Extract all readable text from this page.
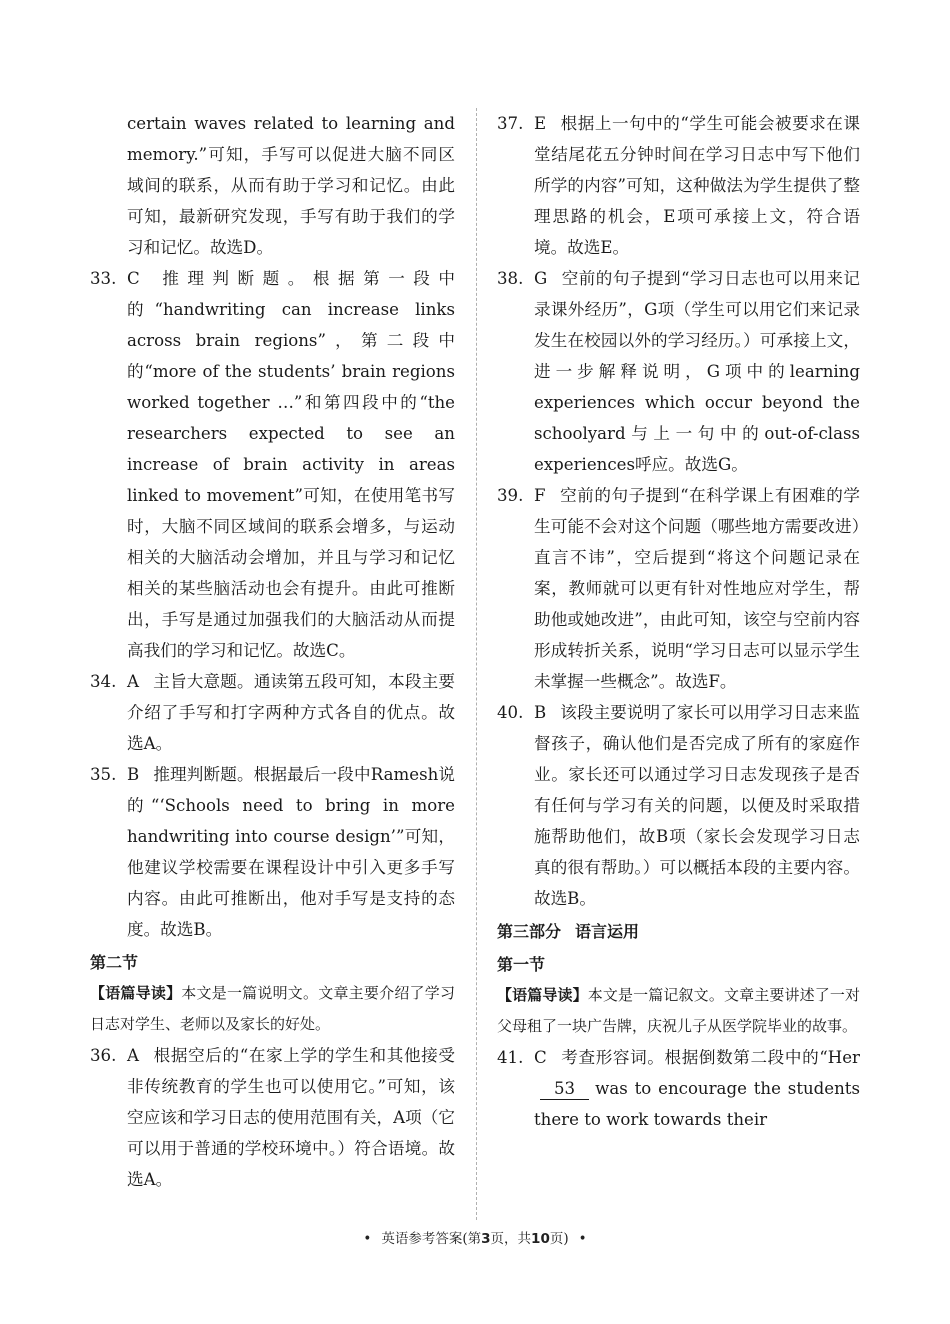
certain waves related to learning and memory.”可知，手写可以促进大脑不同区域间的联系，从而有助于学习和记忆。由此可知，最新研究发现，手写有助于我们的学习和记忆。故选D。
33. C 推理判断题。根据第一段中的“handwriting can increase links across brain regions”，第二段中的“more of the students’ brain regions worked together …”和第四段中的“the researchers expected to see an increase of brain activity in areas linked to movement”可知，在使用笔书写时，大脑不同区域间的联系会增多，与运动相关的大脑活动会增加，并且与学习和记忆相关的某些脑活动也会有提升。由此可推断出，手写是通过加强我们的大脑活动从而提高我们的学习和记忆。故选C。
34. A 主旨大意题。通读第五段可知，本段主要介绍了手写和打字两种方式各自的优点。故选A。
35. B 推理判断题。根据最后一段中Ramesh说的“‘Schools need to bring in more handwriting into course design’”可知，他建议学校需要在课程设计中引入更多手写内容。由此可推断出，他对手写是支持的态度。故选B。
第二节
【语篇导读】本文是一篇说明文。文章主要介绍了学习日志对学生、老师以及家长的好处。
36. A 根据空后的“在家上学的学生和其他接受非传统教育的学生也可以使用它。”可知，该空应该和学习日志的使用范围有关，A项（它可以用于普通的学校环境中。）符合语境。故选A。
37. E 根据上一句中的“学生可能会被要求在课堂结尾花五分钟时间在学习日志中写下他们所学的内容”可知，这种做法为学生提供了整理思路的机会，E项可承接上文，符合语境。故选E。
38. G 空前的句子提到“学习日志也可以用来记录课外经历”，G项（学生可以用它们来记录发生在校园以外的学习经历。）可承接上文，进一步解释说明，G项中的learning experiences which occur beyond the schoolyard与上一句中的out-of-class experiences呼应。故选G。
39. F 空前的句子提到“在科学课上有困难的学生可能不会对这个问题（哪些地方需要改进）直言不讳”，空后提到“将这个问题记录在案，教师就可以更有针对性地应对学生，帮助他或她改进”，由此可知，该空与空前内容形成转折关系，说明“学习日志可以显示学生未掌握一些概念”。故选F。
40. B 该段主要说明了家长可以用学习日志来监督孩子，确认他们是否完成了所有的家庭作业。家长还可以通过学习日志发现孩子是否有任何与学习有关的问题，以便及时采取措施帮助他们，故B项（家长会发现学习日志真的很有帮助。）可以概括本段的主要内容。故选B。
第三部分 语言运用
第一节
【语篇导读】本文是一篇记叙文。文章主要讲述了一对父母租了一块广告牌，庆祝儿子从医学院毕业的故事。
41. C 考查形容词。根据倒数第二段中的“Her53 was to encourage the students there to work towards their
• 英语参考答案(第3页，共10页) •
